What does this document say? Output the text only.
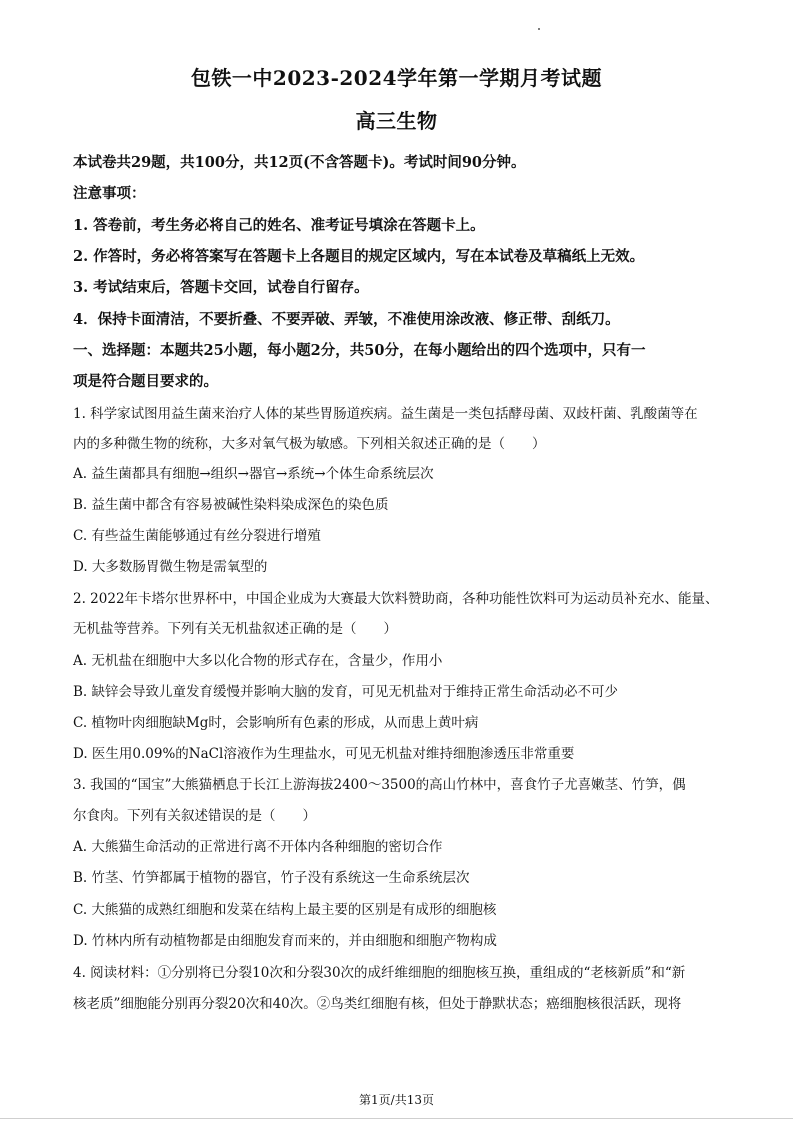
包铁一中2023-2024学年第一学期月考试题
高三生物
本试卷共29题，共100分，共12页(不含答题卡)。考试时间90分钟。
注意事项：
1. 答卷前，考生务必将自己的姓名、准考证号填涂在答题卡上。
2. 作答时，务必将答案写在答题卡上各题目的规定区域内，写在本试卷及草稿纸上无效。
3. 考试结束后，答题卡交回，试卷自行留存。
4．保持卡面清洁，不要折叠、不要弄破、弄皱，不准使用涂改液、修正带、刮纸刀。
一、选择题：本题共25小题，每小题2分，共50分，在每小题给出的四个选项中，只有一
项是符合题目要求的。
1. 科学家试图用益生菌来治疗人体的某些胃肠道疾病。益生菌是一类包括酵母菌、双歧杆菌、乳酸菌等在
内的多种微生物的统称，大多对氧气极为敏感。下列相关叙述正确的是（　　）
A. 益生菌都具有细胞→组织→器官→系统→个体生命系统层次
B. 益生菌中都含有容易被碱性染料染成深色的染色质
C. 有些益生菌能够通过有丝分裂进行增殖
D. 大多数肠胃微生物是需氧型的
2. 2022年卡塔尔世界杯中，中国企业成为大赛最大饮料赞助商，各种功能性饮料可为运动员补充水、能量、
无机盐等营养。下列有关无机盐叙述正确的是（　　）
A. 无机盐在细胞中大多以化合物的形式存在，含量少，作用小
B. 缺锌会导致儿童发育缓慢并影响大脑的发育，可见无机盐对于维持正常生命活动必不可少
C. 植物叶肉细胞缺Mg时，会影响所有色素的形成，从而患上黄叶病
D. 医生用0.09%的NaCl溶液作为生理盐水，可见无机盐对维持细胞渗透压非常重要
3. 我国的“国宝”大熊猫栖息于长江上游海拔2400～3500的高山竹林中，喜食竹子尤喜嫩茎、竹笋，偶
尔食肉。下列有关叙述错误的是（　　）
A. 大熊猫生命活动的正常进行离不开体内各种细胞的密切合作
B. 竹茎、竹笋都属于植物的器官，竹子没有系统这一生命系统层次
C. 大熊猫的成熟红细胞和发菜在结构上最主要的区别是有成形的细胞核
D. 竹林内所有动植物都是由细胞发育而来的，并由细胞和细胞产物构成
4. 阅读材料：①分别将已分裂10次和分裂30次的成纤维细胞的细胞核互换，重组成的“老核新质”和“新
核老质”细胞能分别再分裂20次和40次。②鸟类红细胞有核，但处于静默状态；癌细胞核很活跃，现将
第1页/共13页
